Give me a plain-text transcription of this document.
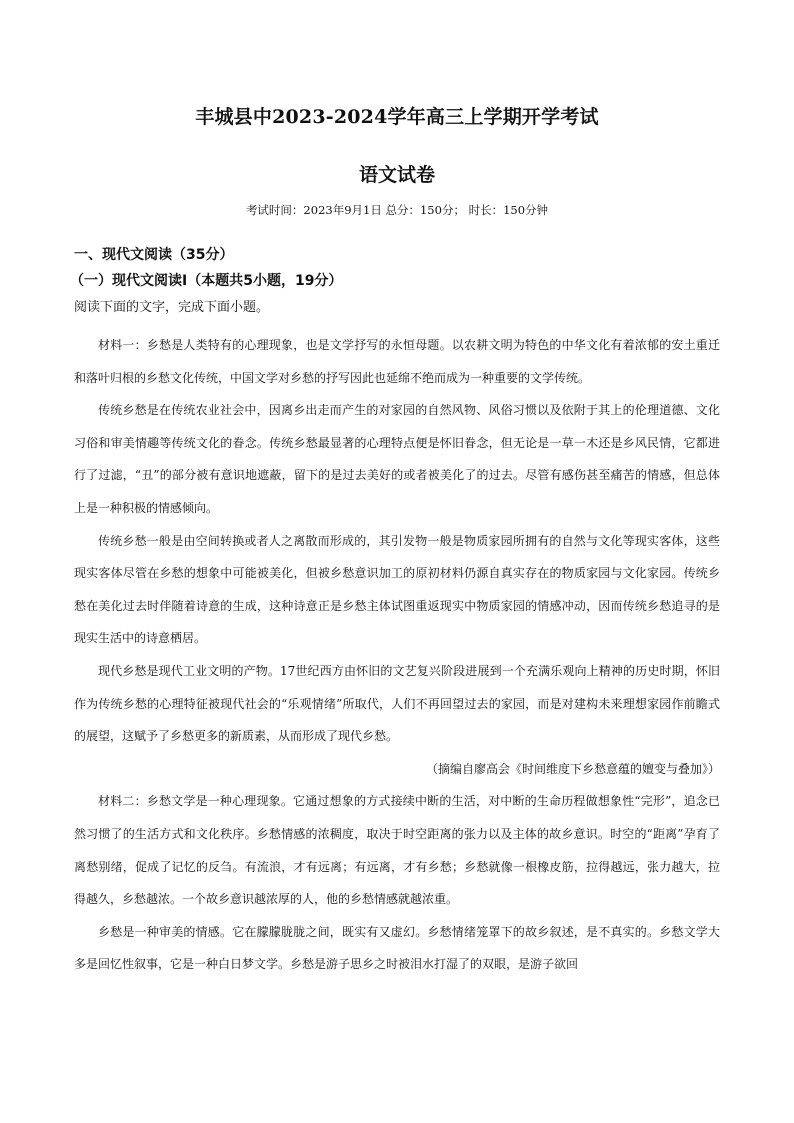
丰城县中2023-2024学年高三上学期开学考试
语文试卷
考试时间：2023年9月1日 总分：150分； 时长：150分钟
一、现代文阅读（35分）
（一）现代文阅读Ⅰ（本题共5小题，19分）
阅读下面的文字，完成下面小题。

材料一：乡愁是人类特有的心理现象，也是文学抒写的永恒母题。以农耕文明为特色的中华文化有着浓郁的安土重迁和落叶归根的乡愁文化传统，中国文学对乡愁的抒写因此也延绵不绝而成为一种重要的文学传统。

传统乡愁是在传统农业社会中，因离乡出走而产生的对家园的自然风物、风俗习惯以及依附于其上的伦理道德、文化习俗和审美情趣等传统文化的眷念。传统乡愁最显著的心理特点便是怀旧眷念，但无论是一草一木还是乡风民情，它都进行了过滤，“丑”的部分被有意识地遮蔽，留下的是过去美好的或者被美化了的过去。尽管有感伤甚至痛苦的情感，但总体上是一种积极的情感倾向。

传统乡愁一般是由空间转换或者人之离散而形成的，其引发物一般是物质家园所拥有的自然与文化等现实客体，这些现实客体尽管在乡愁的想象中可能被美化，但被乡愁意识加工的原初材料仍源自真实存在的物质家园与文化家园。传统乡愁在美化过去时伴随着诗意的生成，这种诗意正是乡愁主体试图重返现实中物质家园的情感冲动，因而传统乡愁追寻的是现实生活中的诗意栖居。

现代乡愁是现代工业文明的产物。17世纪西方由怀旧的文艺复兴阶段进展到一个充满乐观向上精神的历史时期，怀旧作为传统乡愁的心理特征被现代社会的“乐观情绪”所取代，人们不再回望过去的家园，而是对建构未来理想家园作前瞻式的展望，这赋予了乡愁更多的新质素，从而形成了现代乡愁。

（摘编自廖高会《时间维度下乡愁意蕴的嬗变与叠加》）

材料二：乡愁文学是一种心理现象。它通过想象的方式接续中断的生活，对中断的生命历程做想象性“完形”，追念已然习惯了的生活方式和文化秩序。乡愁情感的浓稠度，取决于时空距离的张力以及主体的故乡意识。时空的“距离”孕育了离愁别绪，促成了记忆的反刍。有流浪，才有远离；有远离，才有乡愁；乡愁就像一根橡皮筋，拉得越远，张力越大，拉得越久，乡愁越浓。一个故乡意识越浓厚的人，他的乡愁情感就越浓重。

乡愁是一种审美的情感。它在朦朦胧胧之间，既实有又虚幻。乡愁情绪笼罩下的故乡叙述，是不真实的。乡愁文学大多是回忆性叙事，它是一种白日梦文学。乡愁是游子思乡之时被泪水打湿了的双眼，是游子欲回
